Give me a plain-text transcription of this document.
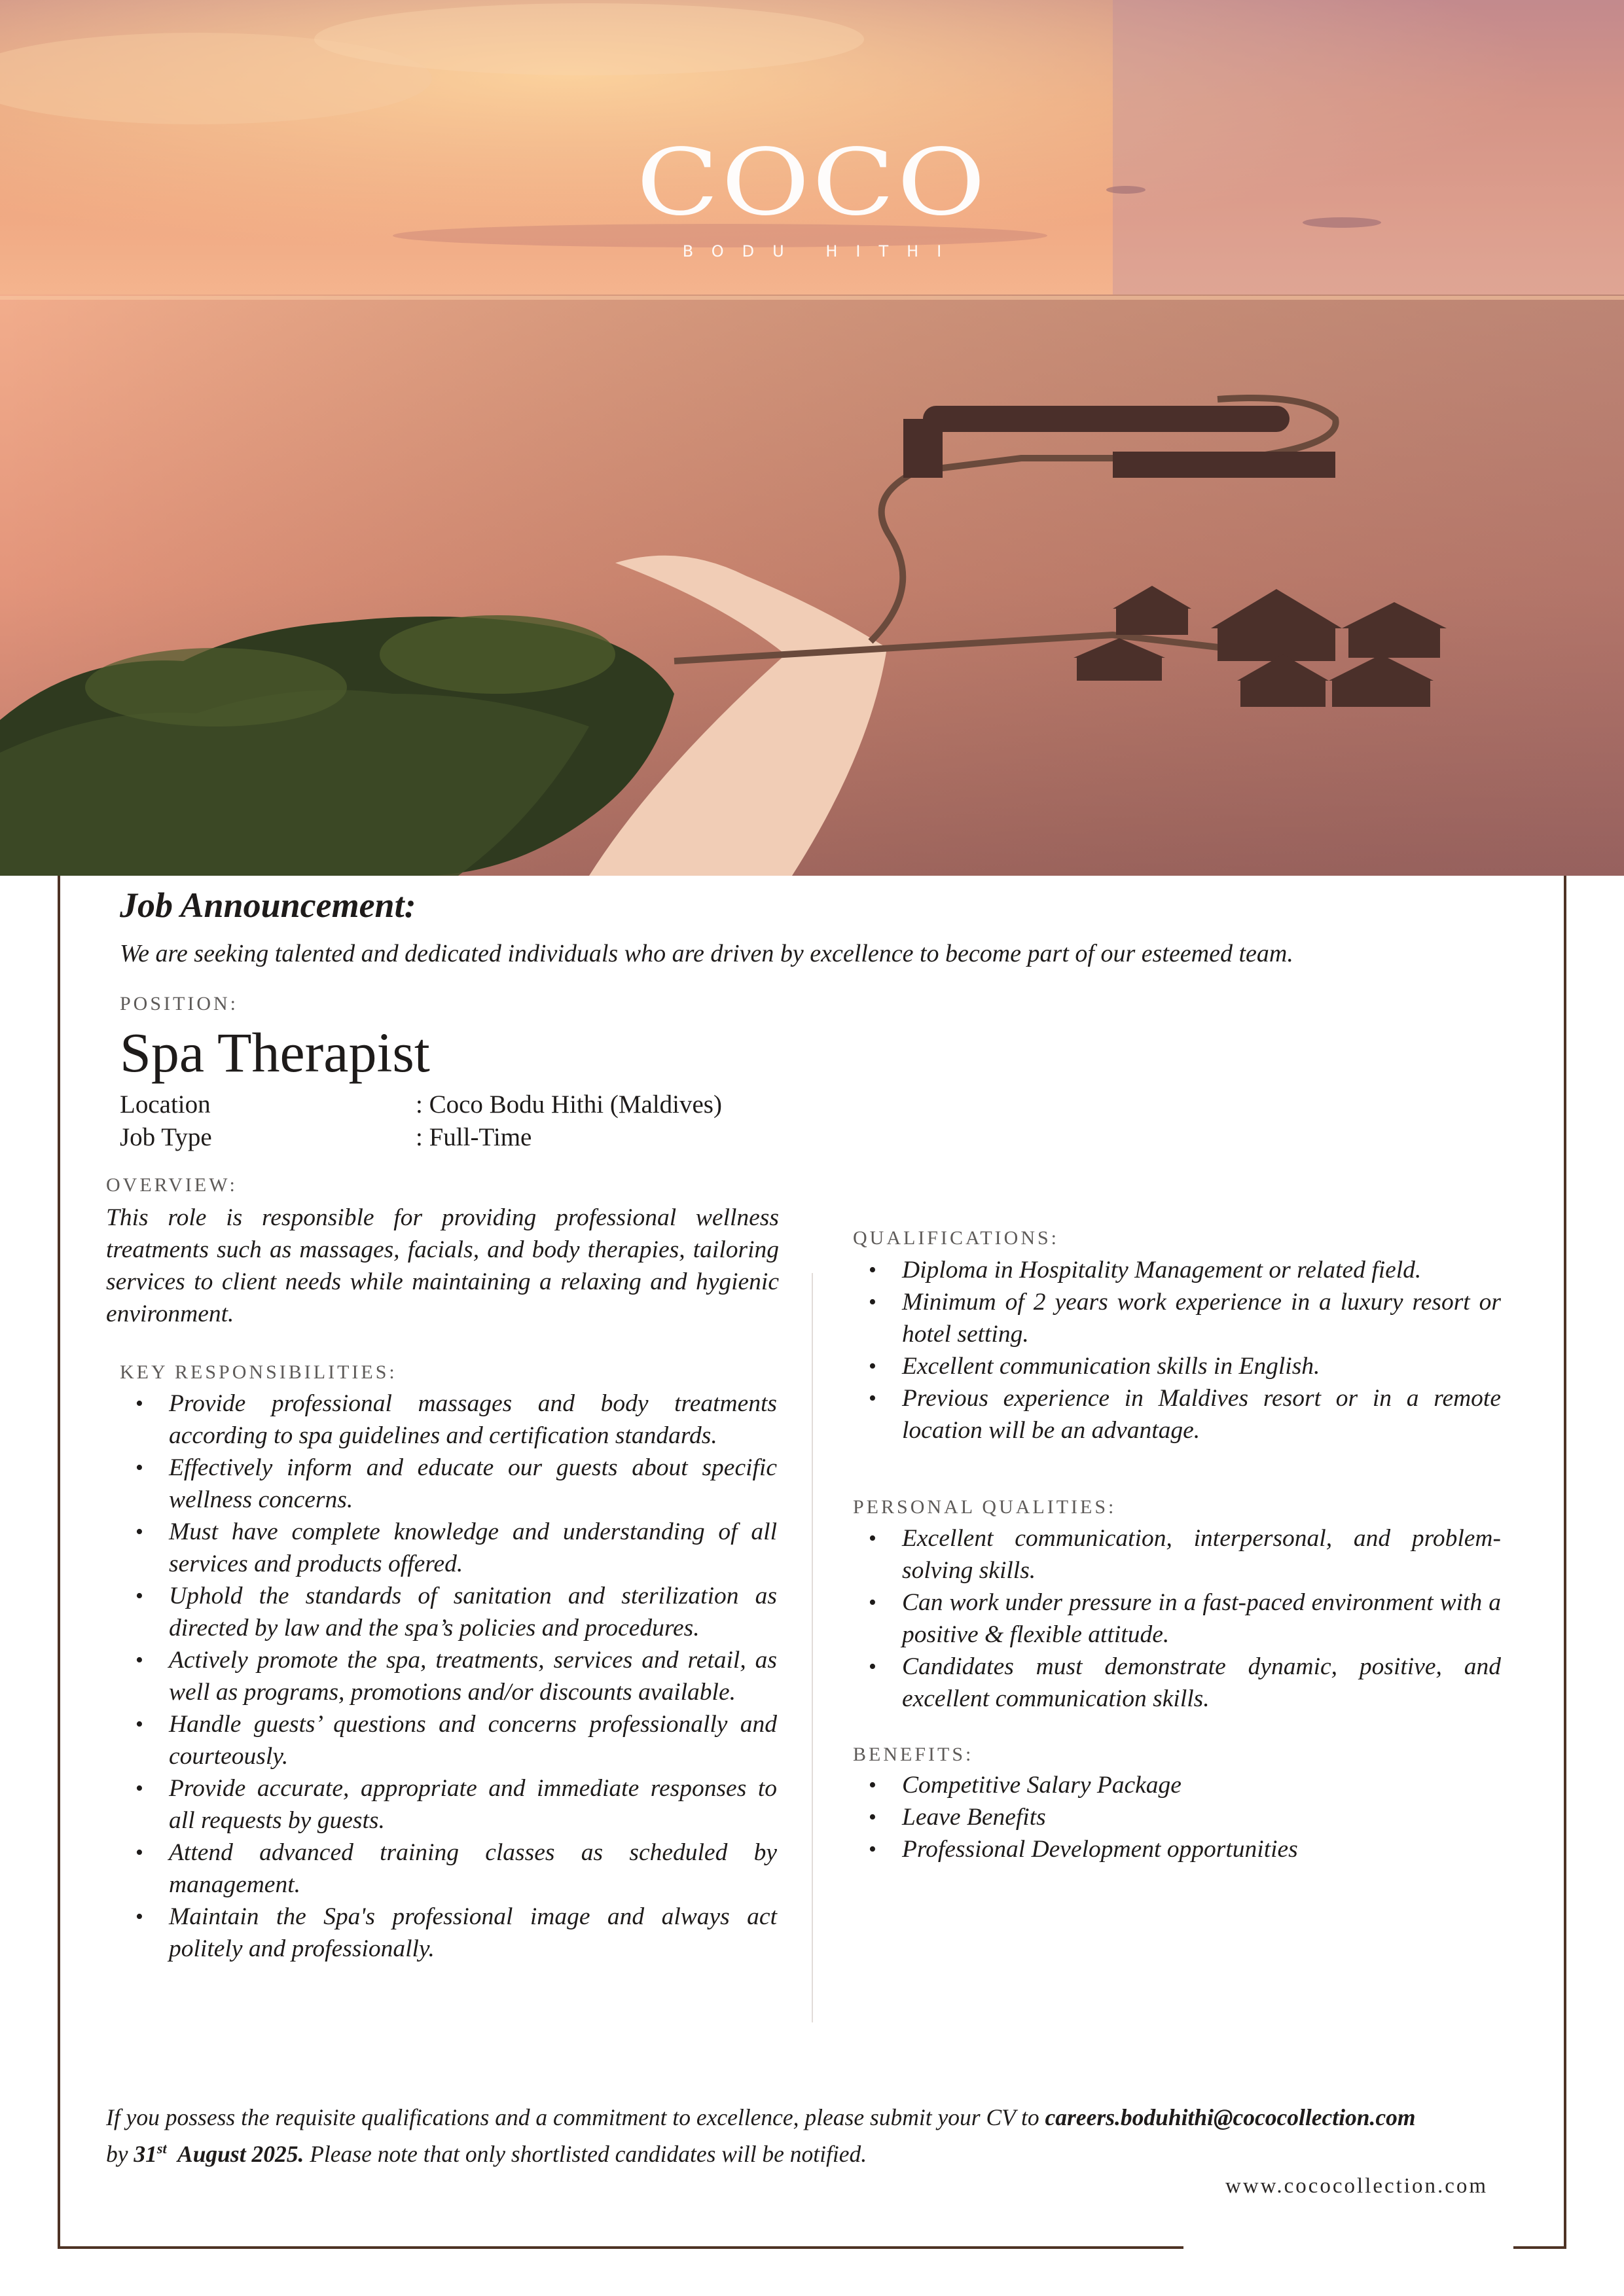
COCO
BODU HITHI
Job Announcement:
We are seeking talented and dedicated individuals who are driven by excellence to become part of our esteemed team.
POSITION:
Spa Therapist
Location	: Coco Bodu Hithi (Maldives)
Job Type	: Full-Time
OVERVIEW:
This role is responsible for providing professional wellness treatments such as massages, facials, and body therapies, tailoring services to client needs while maintaining a relaxing and hygienic environment.
KEY RESPONSIBILITIES:
• Provide professional massages and body treatments according to spa guidelines and certification standards.
• Effectively inform and educate our guests about specific wellness concerns.
• Must have complete knowledge and understanding of all services and products offered.
• Uphold the standards of sanitation and sterilization as directed by law and the spa’s policies and procedures.
• Actively promote the spa, treatments, services and retail, as well as programs, promotions and/or discounts available.
• Handle guests’ questions and concerns professionally and courteously.
• Provide accurate, appropriate and immediate responses to all requests by guests.
• Attend advanced training classes as scheduled by management.
• Maintain the Spa's professional image and always act politely and professionally.
QUALIFICATIONS:
• Diploma in Hospitality Management or related field.
• Minimum of 2 years work experience in a luxury resort or hotel setting.
• Excellent communication skills in English.
• Previous experience in Maldives resort or in a remote location will be an advantage.
PERSONAL QUALITIES:
• Excellent communication, interpersonal, and problem-solving skills.
• Can work under pressure in a fast-paced environment with a positive & flexible attitude.
• Candidates must demonstrate dynamic, positive, and excellent communication skills.
BENEFITS:
• Competitive Salary Package
• Leave Benefits
• Professional Development opportunities
If you possess the requisite qualifications and a commitment to excellence, please submit your CV to careers.boduhithi@cococollection.com
by 31st August 2025. Please note that only shortlisted candidates will be notified.
www.cococollection.com
